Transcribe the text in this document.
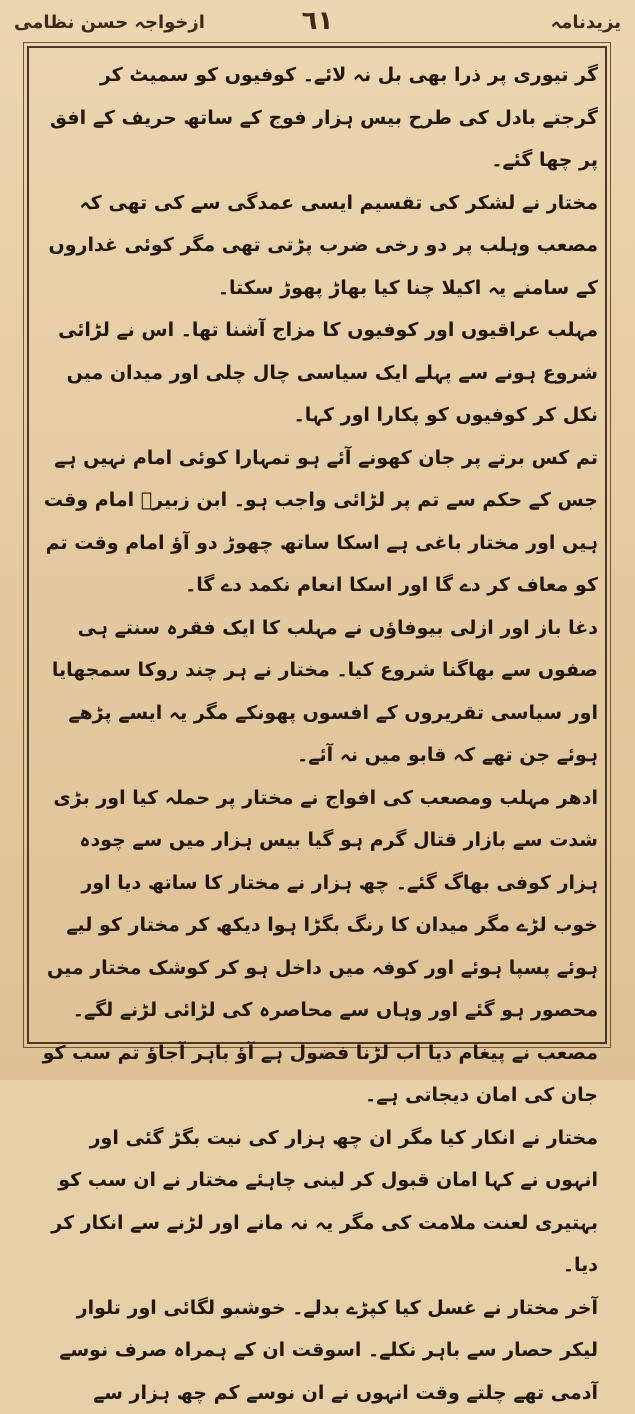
یزیدنامہ
٦١
ازخواجہ حسن نظامی

گر تیوری پر ذرا بھی بل نہ لائے۔ کوفیوں کو سمیٹ کر گرجتے بادل کی طرح بیس ہزار فوج کے ساتھ حریف کے افق پر چھا گئے۔

مختار نے لشکر کی تقسیم ایسی عمدگی سے کی تھی کہ مصعب وہلب پر دو رخی ضرب پڑتی تھی مگر کوئی غداروں کے سامنے یہ اکیلا چنا کیا بھاڑ پھوڑ سکتا۔

مہلب عراقیوں اور کوفیوں کا مزاج آشنا تھا۔ اس نے لڑائی شروع ہونے سے پہلے ایک سیاسی چال چلی اور میدان میں نکل کر کوفیوں کو پکارا اور کہا۔

تم کس برتے پر جان کھونے آئے ہو تمہارا کوئی امام نہیں ہے جس کے حکم سے تم پر لڑائی واجب ہو۔ ابن زبیرؓ امام وقت ہیں اور مختار باغی ہے اسکا ساتھ چھوڑ دو آؤ امام وقت تم کو معاف کر دے گا اور اسکا انعام نکمد دے گا۔

دغا باز اور ازلی بیوفاؤں نے مہلب کا ایک فقرہ سنتے ہی صفوں سے بھاگنا شروع کیا۔ مختار نے ہر چند روکا سمجھایا اور سیاسی تقریروں کے افسوں پھونکے مگر یہ ایسے پڑھے ہوئے جن تھے کہ قابو میں نہ آئے۔

ادھر مہلب ومصعب کی افواج نے مختار پر حملہ کیا اور بڑی شدت سے بازار قتال گرم ہو گیا بیس ہزار میں سے چودہ ہزار کوفی بھاگ گئے۔ چھ ہزار نے مختار کا ساتھ دیا اور خوب لڑے مگر میدان کا رنگ بگڑا ہوا دیکھ کر مختار کو لیے ہوئے پسپا ہوئے اور کوفہ میں داخل ہو کر کوشک مختار میں محصور ہو گئے اور وہاں سے محاصرہ کی لڑائی لڑنے لگے۔

مصعب نے پیغام دیا اب لڑنا فضول ہے آؤ باہر آجاؤ تم سب کو جان کی امان دیجاتی ہے۔

مختار نے انکار کیا مگر ان چھ ہزار کی نیت بگڑ گئی اور انہوں نے کہا امان قبول کر لینی چاہئے مختار نے ان سب کو بہتیری لعنت ملامت کی مگر یہ نہ مانے اور لڑنے سے انکار کر دیا۔

آخر مختار نے غسل کیا کپڑے بدلے۔ خوشبو لگائی اور تلوار لیکر حصار سے باہر نکلے۔ اسوقت ان کے ہمراہ صرف نوسے آدمی تھے چلتے وقت انہوں نے ان نوسے کم چھ ہزار سے
